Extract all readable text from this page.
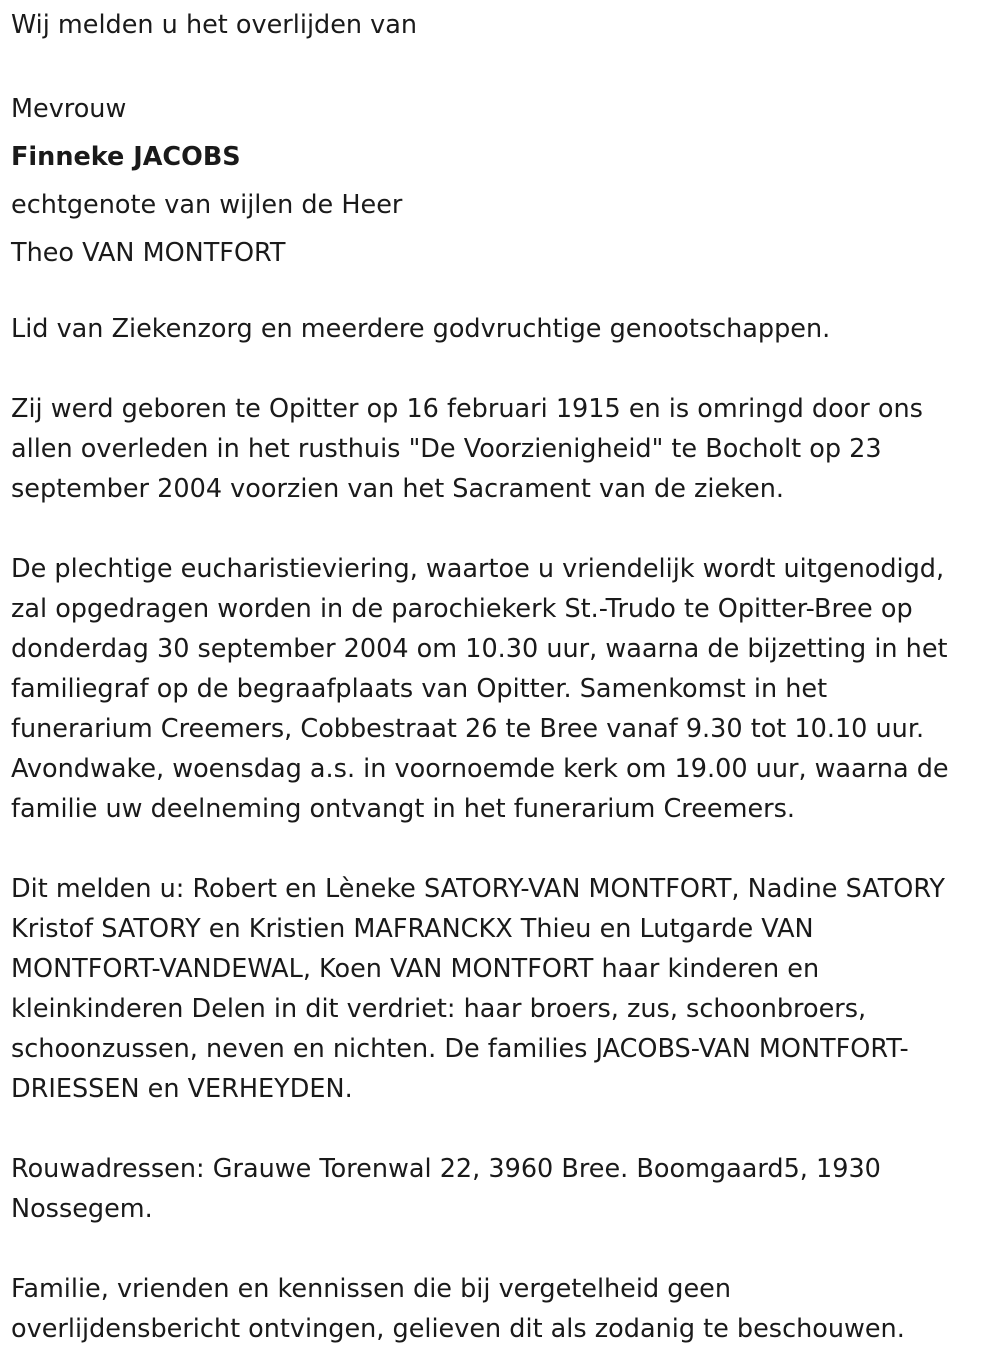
Wij melden u het overlijden van
Mevrouw
Finneke JACOBS
echtgenote van wijlen de Heer
Theo VAN MONTFORT
Lid van Ziekenzorg en meerdere godvruchtige genootschappen.
Zij werd geboren te Opitter op 16 februari 1915 en is omringd door ons
allen overleden in het rusthuis "De Voorzienigheid" te Bocholt op 23
september 2004 voorzien van het Sacrament van de zieken.
De plechtige eucharistieviering, waartoe u vriendelijk wordt uitgenodigd,
zal opgedragen worden in de parochiekerk St.-Trudo te Opitter-Bree op
donderdag 30 september 2004 om 10.30 uur, waarna de bijzetting in het
familiegraf op de begraafplaats van Opitter. Samenkomst in het
funerarium Creemers, Cobbestraat 26 te Bree vanaf 9.30 tot 10.10 uur.
Avondwake, woensdag a.s. in voornoemde kerk om 19.00 uur, waarna de
familie uw deelneming ontvangt in het funerarium Creemers.
Dit melden u: Robert en Lèneke SATORY-VAN MONTFORT, Nadine SATORY
Kristof SATORY en Kristien MAFRANCKX Thieu en Lutgarde VAN
MONTFORT-VANDEWAL, Koen VAN MONTFORT haar kinderen en
kleinkinderen Delen in dit verdriet: haar broers, zus, schoonbroers,
schoonzussen, neven en nichten. De families JACOBS-VAN MONTFORT-
DRIESSEN en VERHEYDEN.
Rouwadressen: Grauwe Torenwal 22, 3960 Bree. Boomgaard5, 1930
Nossegem.
Familie, vrienden en kennissen die bij vergetelheid geen
overlijdensbericht ontvingen, gelieven dit als zodanig te beschouwen.
